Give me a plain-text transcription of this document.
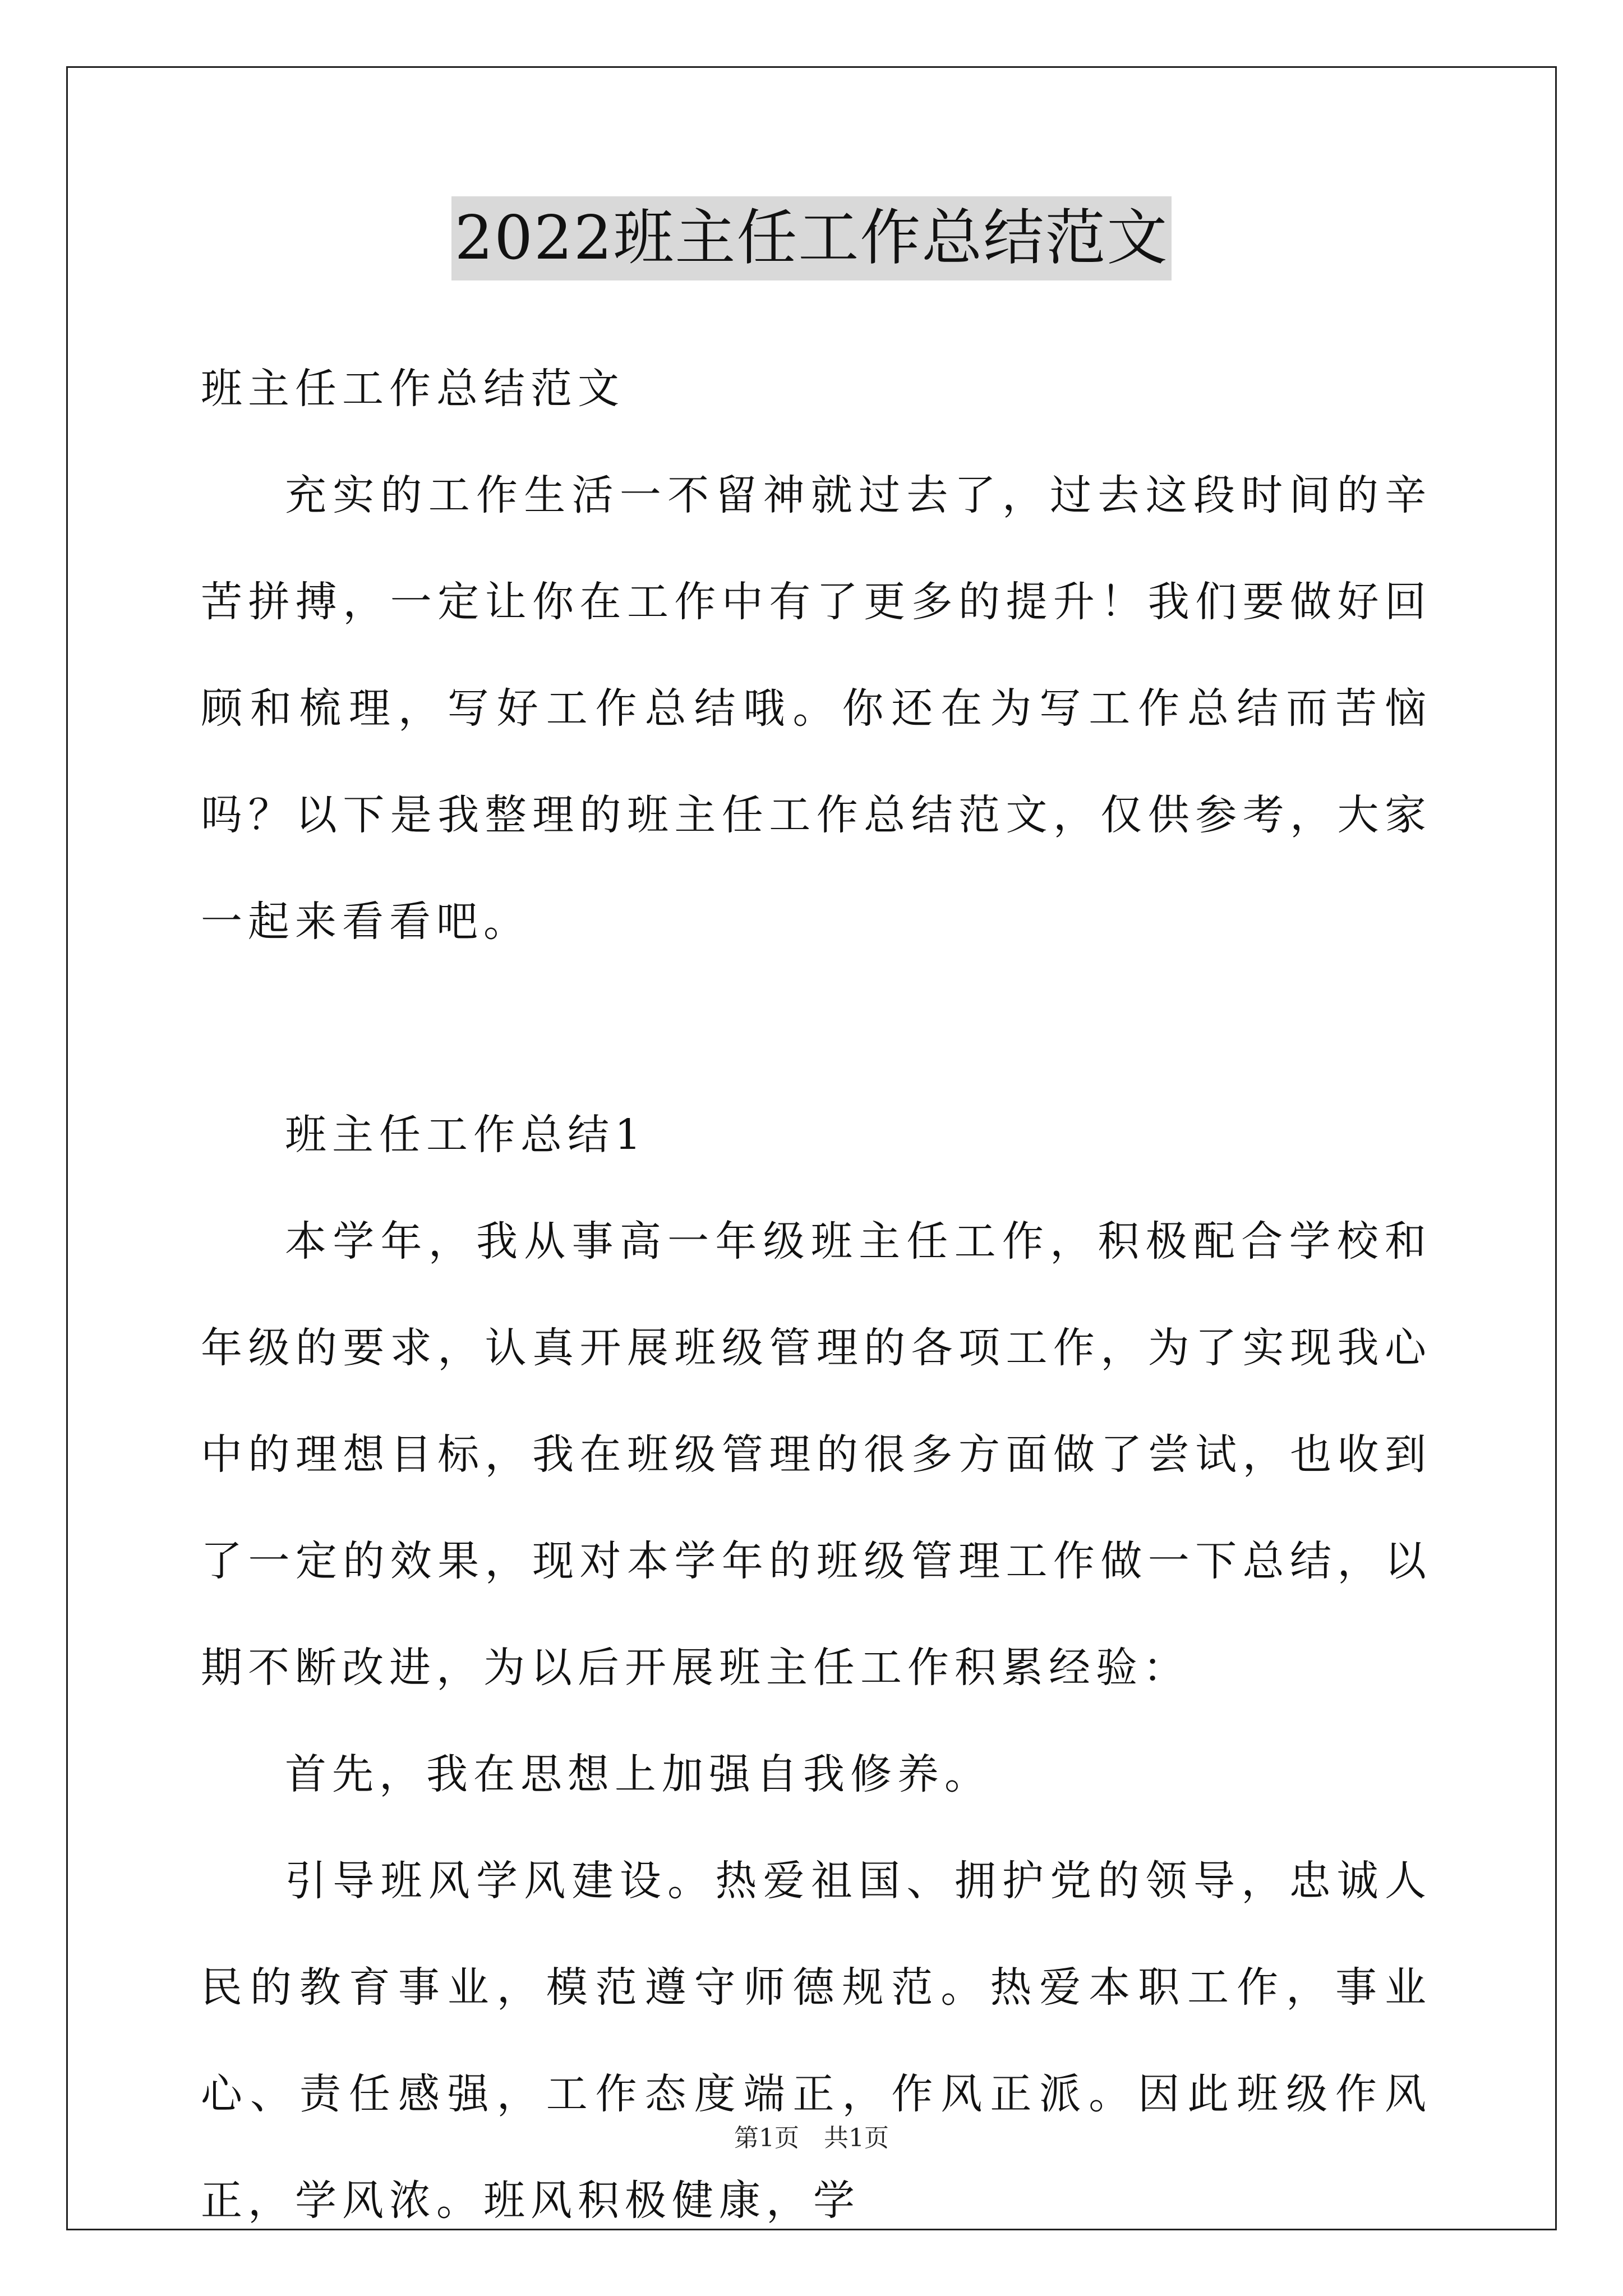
2022班主任工作总结范文

班主任工作总结范文

充实的工作生活一不留神就过去了，过去这段时间的辛苦拼搏，一定让你在工作中有了更多的提升！我们要做好回顾和梳理，写好工作总结哦。你还在为写工作总结而苦恼吗？以下是我整理的班主任工作总结范文，仅供参考，大家一起来看看吧。

班主任工作总结1

本学年，我从事高一年级班主任工作，积极配合学校和年级的要求，认真开展班级管理的各项工作，为了实现我心中的理想目标，我在班级管理的很多方面做了尝试，也收到了一定的效果，现对本学年的班级管理工作做一下总结，以期不断改进，为以后开展班主任工作积累经验：

首先，我在思想上加强自我修养。

引导班风学风建设。热爱祖国、拥护党的领导，忠诚人民的教育事业，模范遵守师德规范。热爱本职工作，事业心、责任感强，工作态度端正，作风正派。因此班级作风正，学风浓。班风积极健康，学

第1页　共1页
